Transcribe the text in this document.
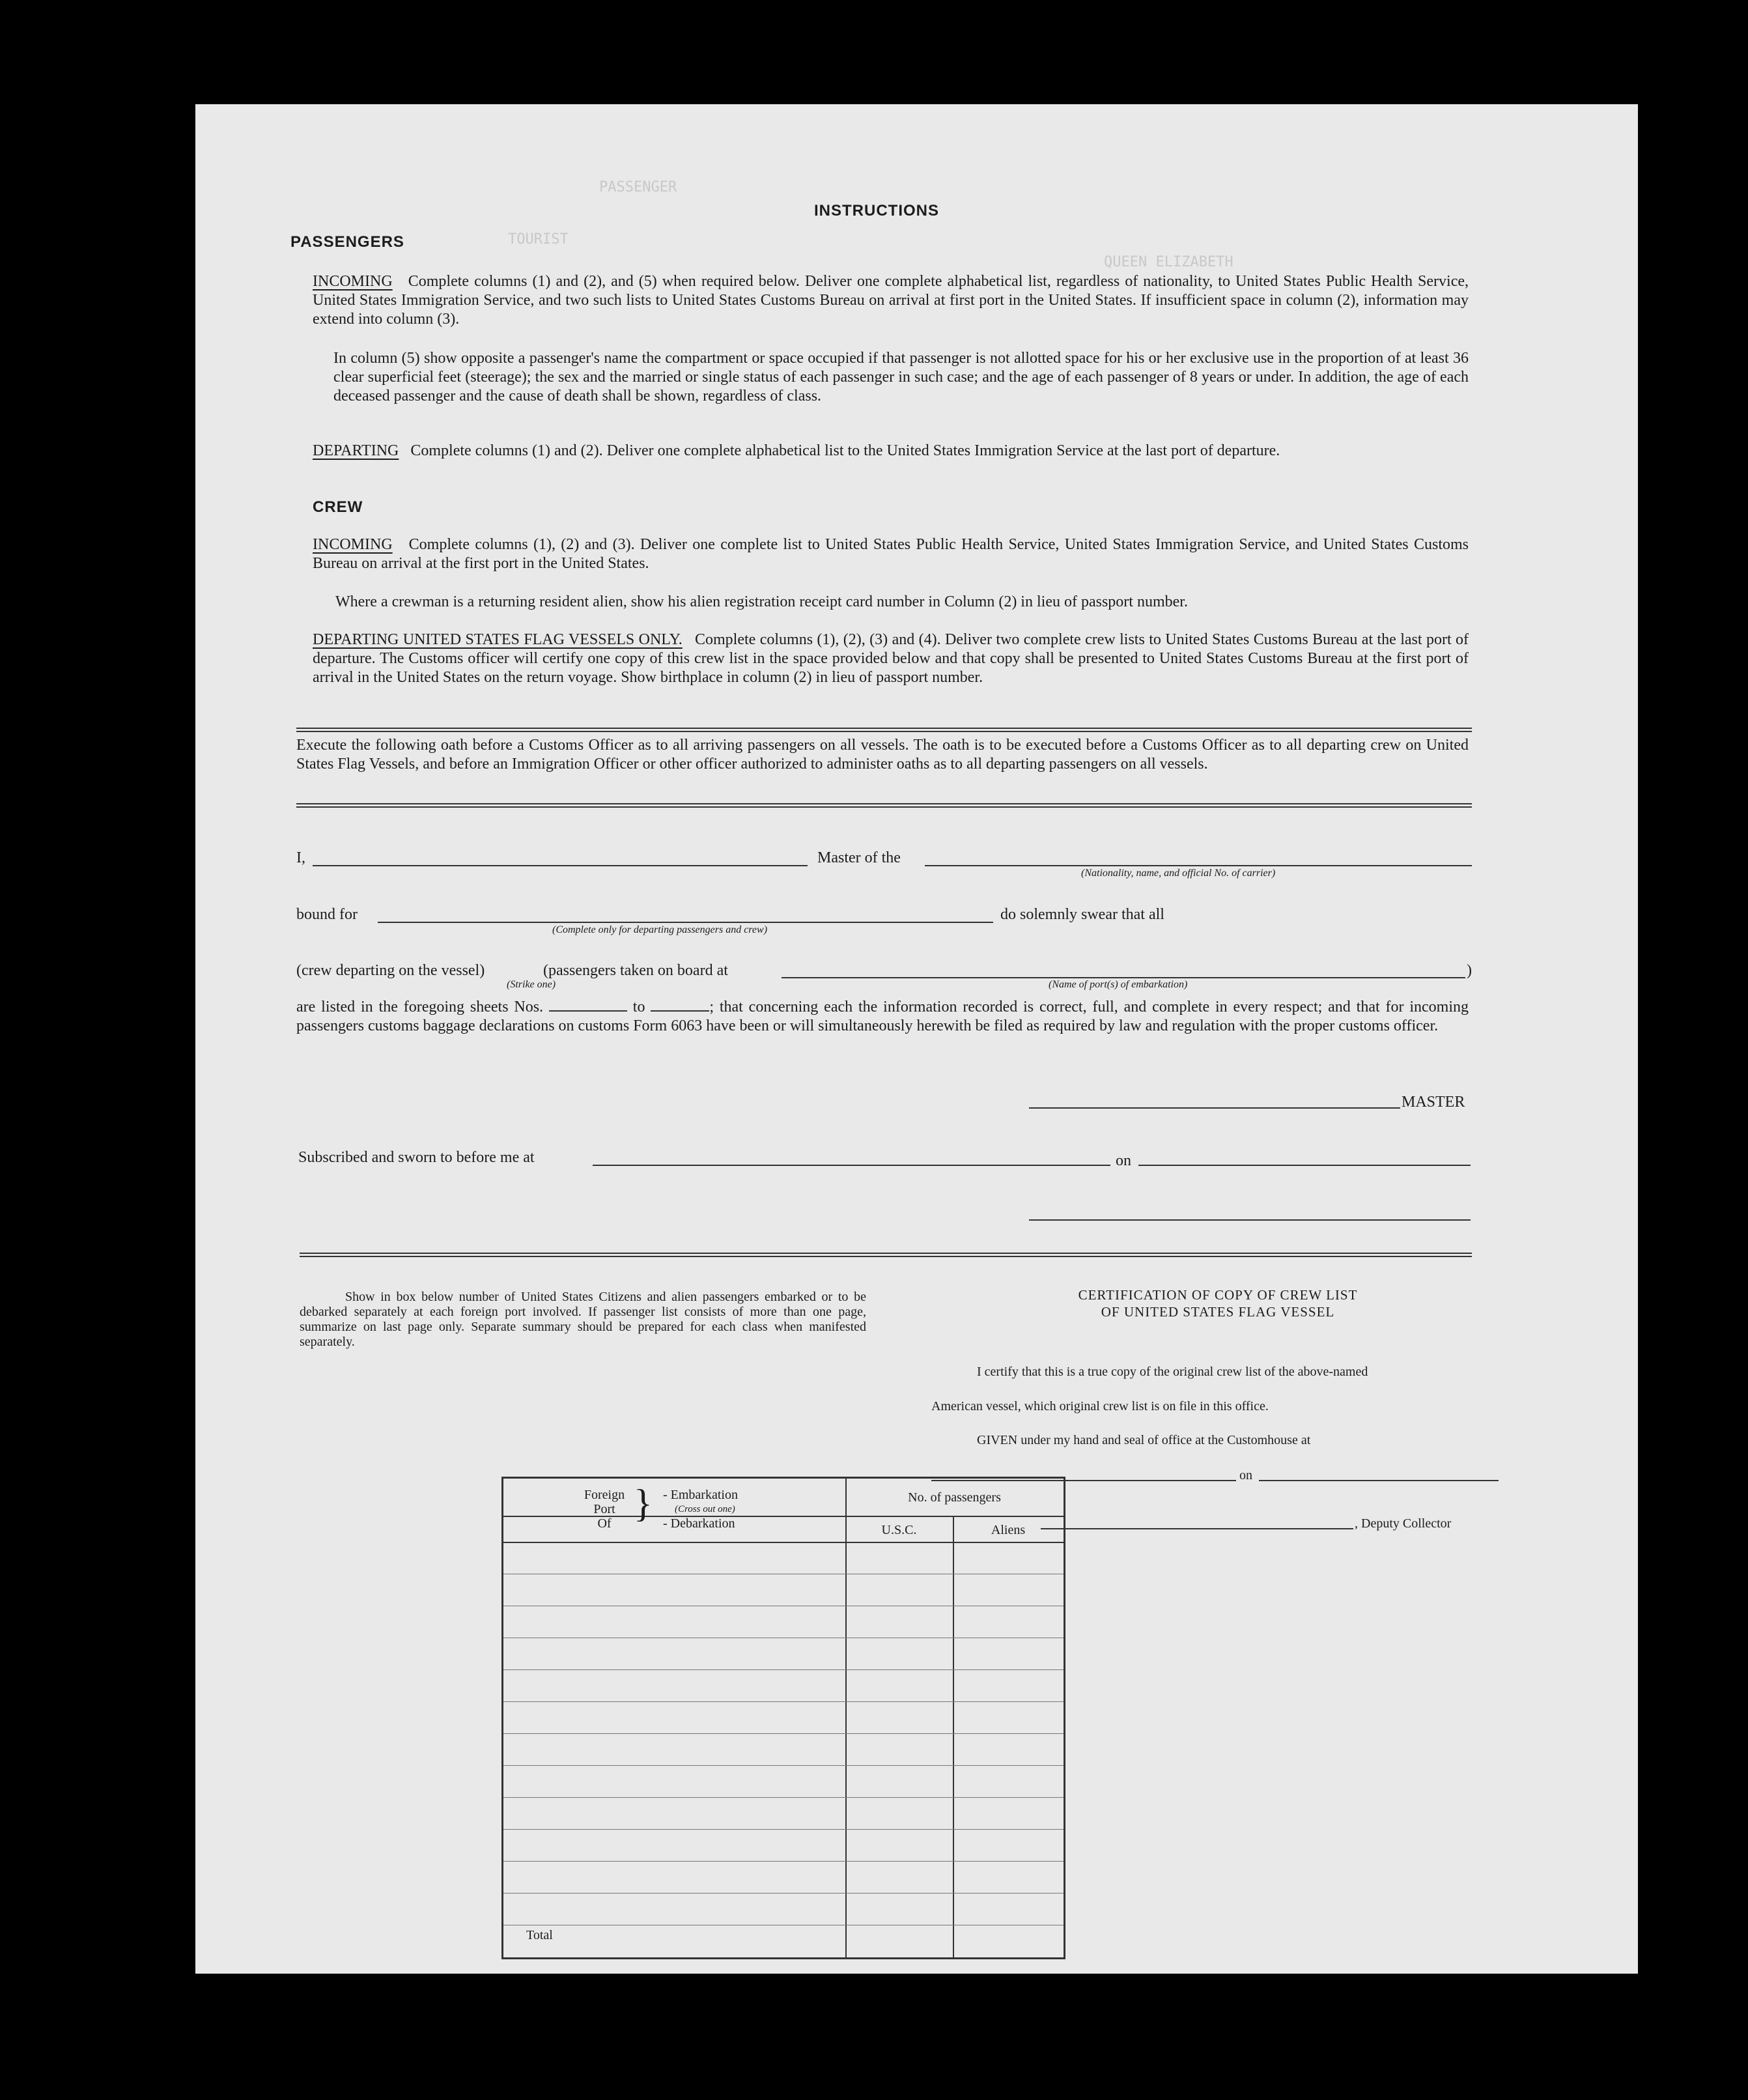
PASSENGER
TOURIST
QUEEN ELIZABETH
INSTRUCTIONS
PASSENGERS
INCOMING Complete columns (1) and (2), and (5) when required below. Deliver one complete alphabetical list, regardless of nationality, to United States Public Health Service, United States Immigration Service, and two such lists to United States Customs Bureau on arrival at first port in the United States. If insufficient space in column (2), information may extend into column (3).
In column (5) show opposite a passenger's name the compartment or space occupied if that passenger is not allotted space for his or her exclusive use in the proportion of at least 36 clear superficial feet (steerage); the sex and the married or single status of each passenger in such case; and the age of each passenger of 8 years or under. In addition, the age of each deceased passenger and the cause of death shall be shown, regardless of class.
DEPARTING Complete columns (1) and (2). Deliver one complete alphabetical list to the United States Immigration Service at the last port of departure.
CREW
INCOMING Complete columns (1), (2) and (3). Deliver one complete list to United States Public Health Service, United States Immigration Service, and United States Customs Bureau on arrival at the first port in the United States.
Where a crewman is a returning resident alien, show his alien registration receipt card number in Column (2) in lieu of passport number.
DEPARTING UNITED STATES FLAG VESSELS ONLY. Complete columns (1), (2), (3) and (4). Deliver two complete crew lists to United States Customs Bureau at the last port of departure. The Customs officer will certify one copy of this crew list in the space provided below and that copy shall be presented to United States Customs Bureau at the first port of arrival in the United States on the return voyage. Show birthplace in column (2) in lieu of passport number.
Execute the following oath before a Customs Officer as to all arriving passengers on all vessels. The oath is to be executed before a Customs Officer as to all departing crew on United States Flag Vessels, and before an Immigration Officer or other officer authorized to administer oaths as to all departing passengers on all vessels.
I,	Master of the
(Nationality, name, and official No. of carrier)
bound for
(Complete only for departing passengers and crew)
do solemnly swear that all
(crew departing on the vessel)
(Strike one)
(passengers taken on board at
(Name of port(s) of embarkation)
)
are listed in the foregoing sheets Nos.	to	; that concerning each the information recorded is correct, full, and complete in every respect; and that for incoming passengers customs baggage declarations on customs Form 6063 have been or will simultaneously herewith be filed as required by law and regulation with the proper customs officer.
MASTER
Subscribed and sworn to before me at	on
Show in box below number of United States Citizens and alien passengers embarked or to be debarked separately at each foreign port involved. If passenger list consists of more than one page, summarize on last page only. Separate summary should be prepared for each class when manifested separately.
Foreign
Port
Of } - Embarkation
(Cross out one)
- Debarkation
No. of passengers
U.S.C.	Aliens
Total
CERTIFICATION OF COPY OF CREW LIST
OF UNITED STATES FLAG VESSEL
I certify that this is a true copy of the original crew list of the above-named
American vessel, which original crew list is on file in this office.
GIVEN under my hand and seal of office at the Customhouse at
on
, Deputy Collector
